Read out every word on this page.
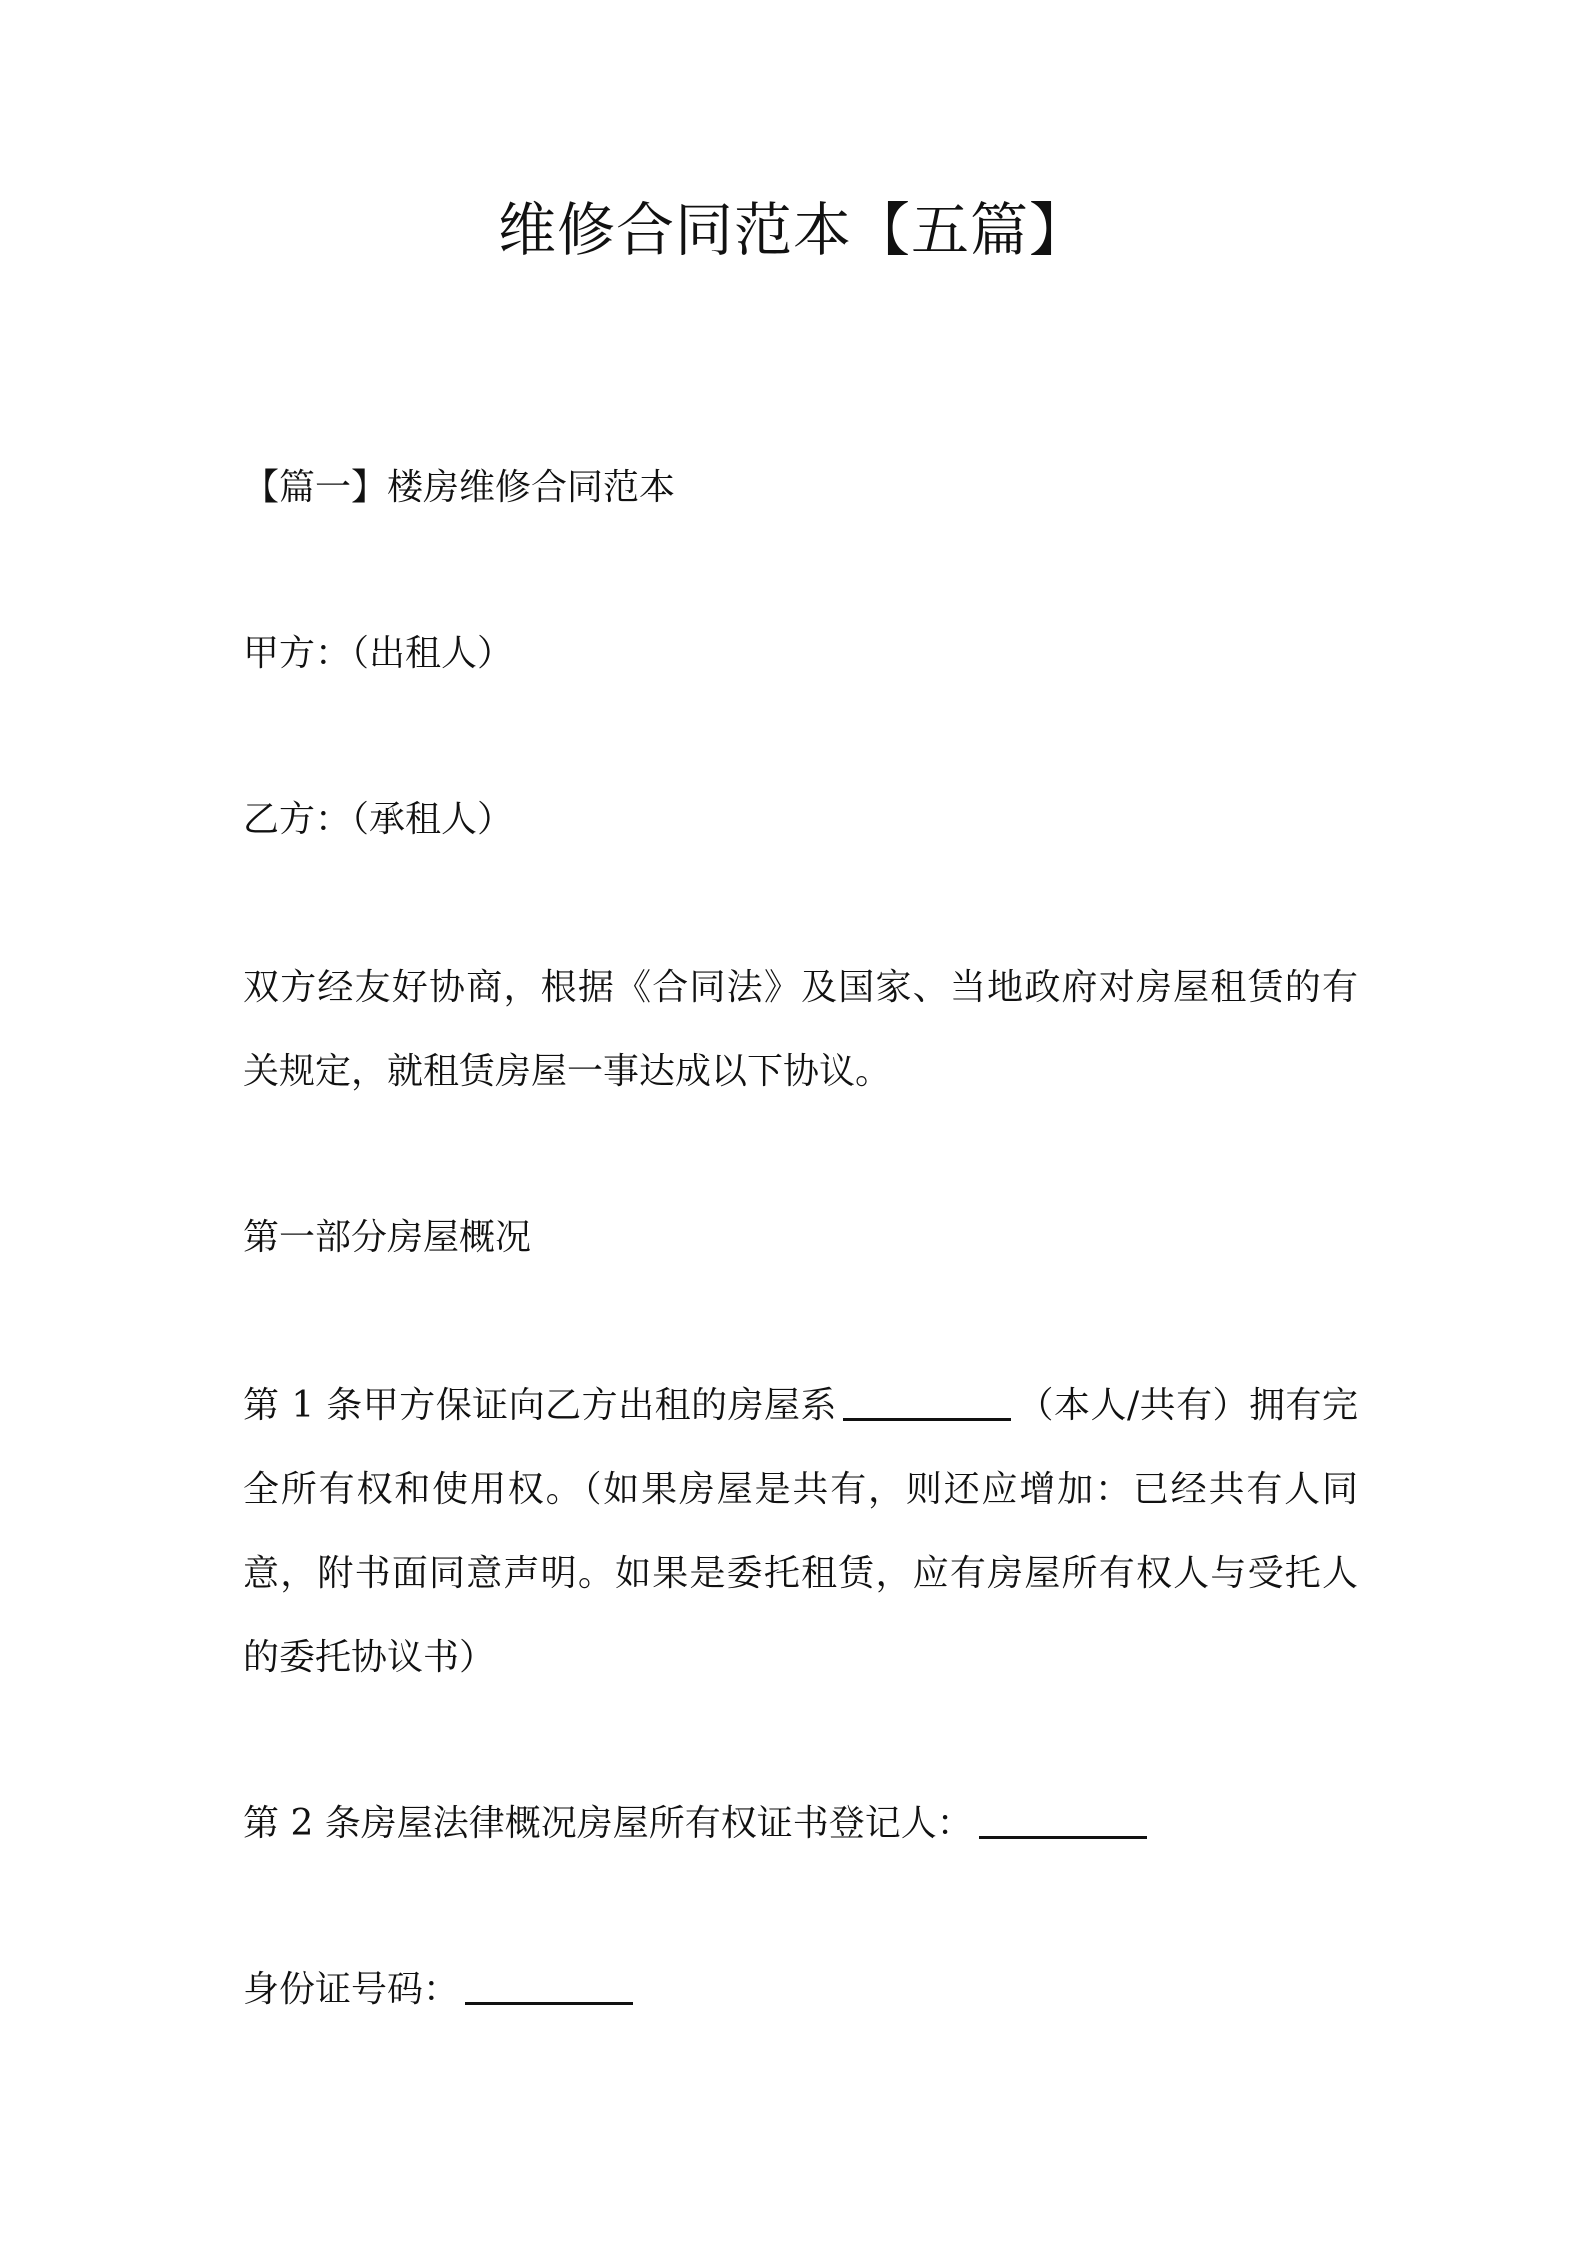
维修合同范本【五篇】

【篇一】楼房维修合同范本

甲方：（出租人）

乙方：（承租人）

双方经友好协商，根据《合同法》及国家、当地政府对房屋租赁的有关规定，就租赁房屋一事达成以下协议。

第一部分房屋概况

第 1 条甲方保证向乙方出租的房屋系	（本人/共有）拥有完全所有权和使用权。（如果房屋是共有，则还应增加：已经共有人同意，附书面同意声明。如果是委托租赁，应有房屋所有权人与受托人的委托协议书）

第 2 条房屋法律概况房屋所有权证书登记人：

身份证号码：
